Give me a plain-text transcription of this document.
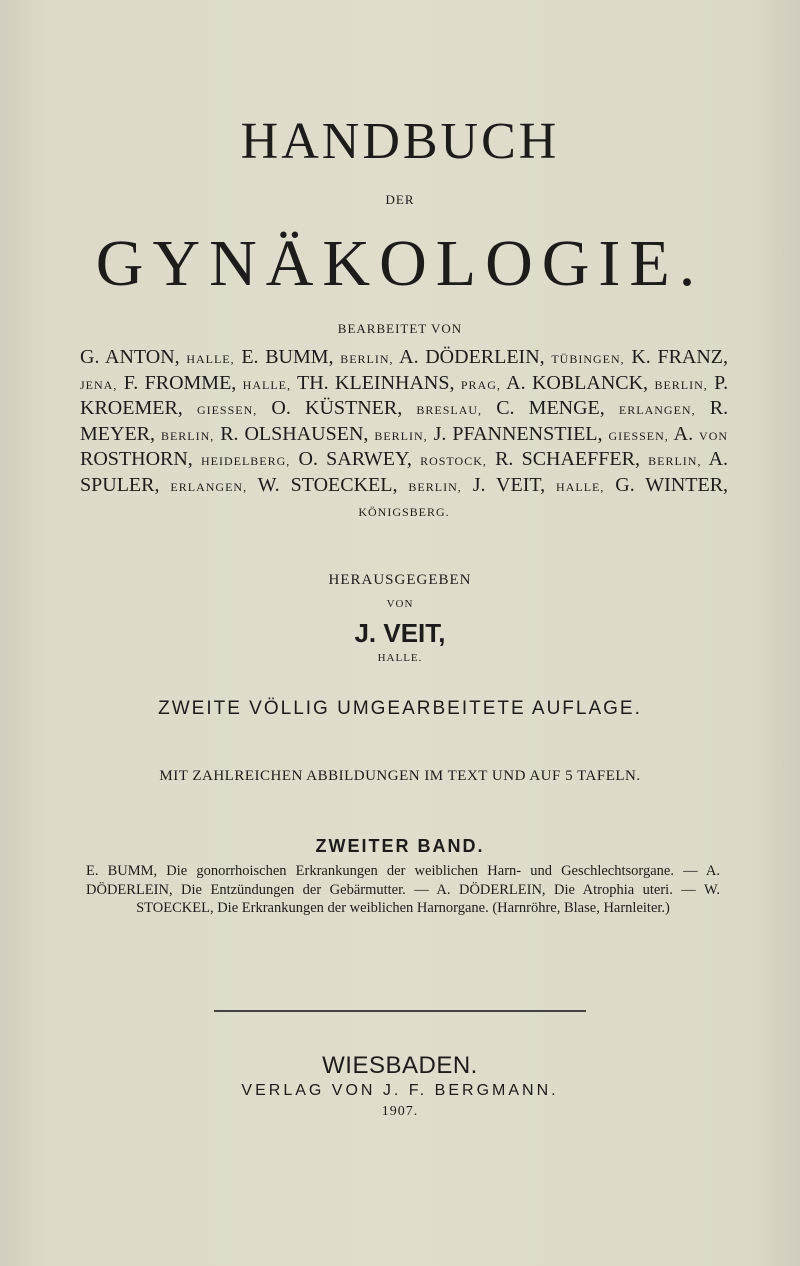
HANDBUCH
DER
GYNÄKOLOGIE.
BEARBEITET VON
G. ANTON, HALLE, E. BUMM, BERLIN, A. DÖDERLEIN, TÜBINGEN, K. FRANZ, JENA, F. FROMME, HALLE, TH. KLEINHANS, PRAG, A. KOBLANCK, BERLIN, P. KROEMER, GIESSEN, O. KÜSTNER, BRESLAU, C. MENGE, ERLANGEN, R. MEYER, BERLIN, R. OLSHAUSEN, BERLIN, J. PFANNENSTIEL, GIESSEN, A. VON ROSTHORN, HEIDELBERG, O. SARWEY, ROSTOCK, R. SCHAEFFER, BERLIN, A. SPULER, ERLANGEN, W. STOECKEL, BERLIN, J. VEIT, HALLE, G. WINTER, KÖNIGSBERG.
HERAUSGEGEBEN
VON
J. VEIT,
HALLE.
ZWEITE VÖLLIG UMGEARBEITETE AUFLAGE.
MIT ZAHLREICHEN ABBILDUNGEN IM TEXT UND AUF 5 TAFELN.
ZWEITER BAND.
E. BUMM, Die gonorrhoischen Erkrankungen der weiblichen Harn- und Geschlechtsorgane. — A. DÖDERLEIN, Die Entzündungen der Gebärmutter. — A. DÖDERLEIN, Die Atrophia uteri. — W. STOECKEL, Die Erkrankungen der weiblichen Harnorgane. (Harnröhre, Blase, Harnleiter.)
WIESBADEN.
VERLAG VON J. F. BERGMANN.
1907.
